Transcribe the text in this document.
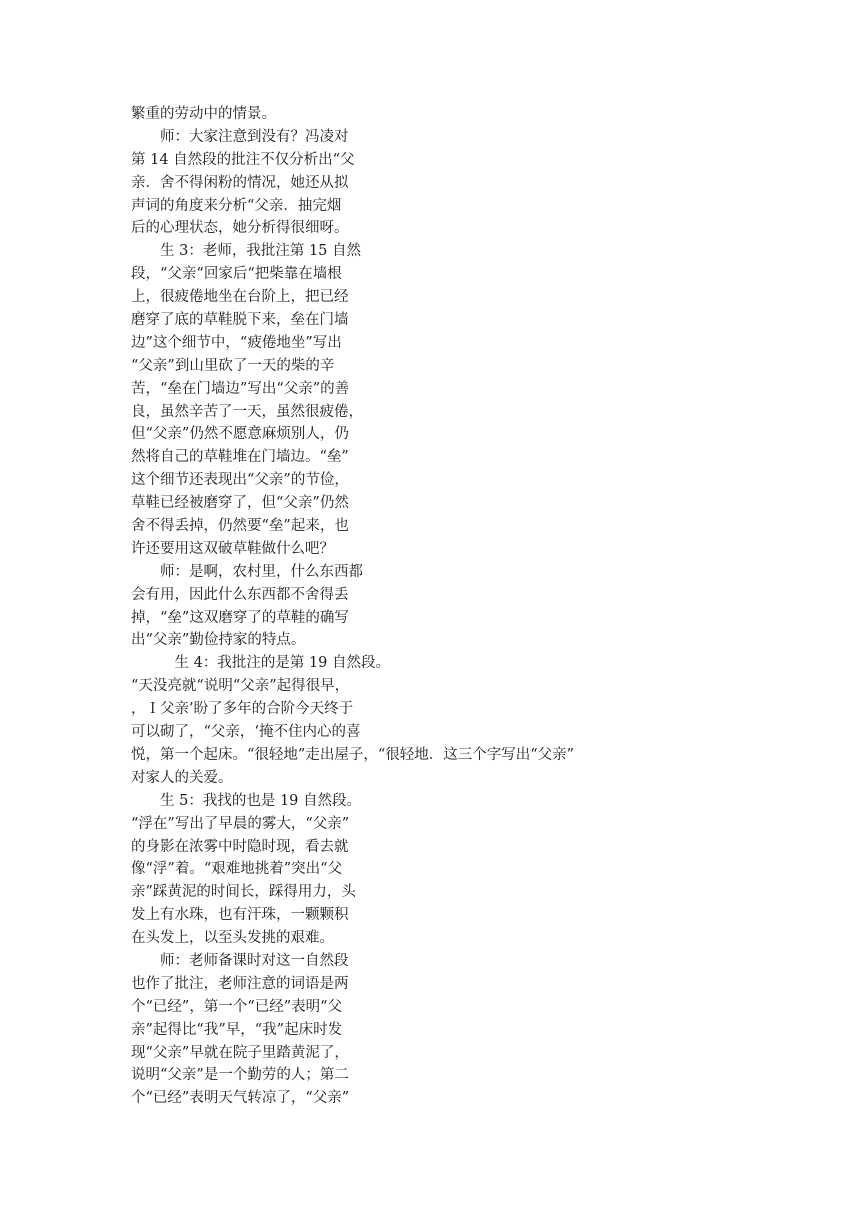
繁重的劳动中的情景。
　　师：大家注意到没有？冯凌对
第 14 自然段的批注不仅分析出“父
亲．舍不得闲粉的情况，她还从拟
声词的角度来分析“父亲．抽完烟
后的心理状态，她分析得很细呀。
　　生 3：老师，我批注第 15 自然
段，“父亲“回家后“把柴靠在墙根
上，很疲倦地坐在台阶上，把已经
磨穿了底的草鞋脱下来，垒在门墙
边”这个细节中，“疲倦地坐”写出
“父亲”到山里砍了一天的柴的辛
苦，“垒在门墙边”写出“父亲”的善
良，虽然辛苦了一天，虽然很疲倦，
但“父亲”仍然不愿意麻烦别人，仍
然将自己的草鞋堆在门墙边。“垒”
这个细节还表现出“父亲”的节俭，
草鞋已经被磨穿了，但“父亲”仍然
舍不得丢掉，仍然要“垒”起来，也
许还要用这双破草鞋做什么吧？
　　师：是啊，农村里，什么东西都
会有用，因此什么东西都不舍得丢
掉，“垒”这双磨穿了的草鞋的确写
出“父亲”勤俭持家的特点。
　　　生 4：我批注的是第 19 自然段。
“天没亮就“说明“父亲”起得很早，
，Ｉ父亲’盼了多年的合阶今天终于
可以砌了，“父亲，‘掩不住内心的喜
悦，第一个起床。“很轻地”走出屋子，“很轻地．这三个字写出“父亲”
对家人的关爱。
　　生 5：我找的也是 19 自然段。
“浮在”写出了早晨的雾大，“父亲”
的身影在浓雾中时隐时现，看去就
像“浮”着。“艰难地挑着”突出“父
亲”踩黄泥的时间长，踩得用力，头
发上有水珠，也有汗珠，一颗颗积
在头发上，以至头发挑的艰难。
　　师：老师备课时对这一自然段
也作了批注，老师注意的词语是两
个“已经”，第一个“已经”表明“父
亲”起得比“我”早，“我”起床时发
现“父亲”早就在院子里踏黄泥了，
说明“父亲”是一个勤劳的人；第二
个“已经”表明天气转凉了，“父亲”
